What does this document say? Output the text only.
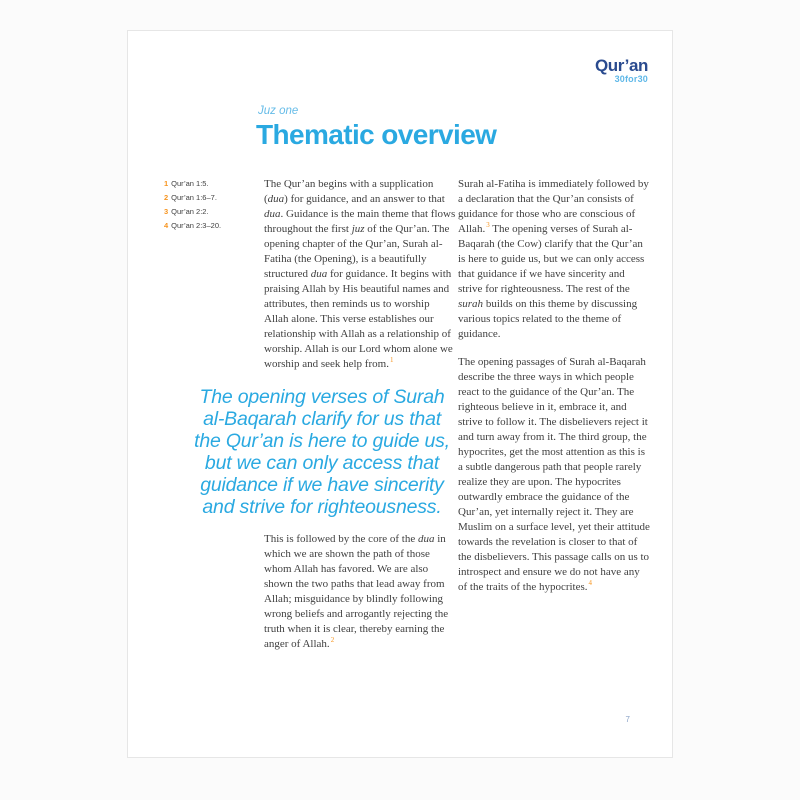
Qur’an
30for30
Juz one
Thematic overview
1 Qur’an 1:5.
2 Qur’an 1:6–7.
3 Qur’an 2:2.
4 Qur’an 2:3–20.

The Qur’an begins with a supplication (dua) for guidance, and an answer to that dua. Guidance is the main theme that flows throughout the first juz of the Qur’an. The opening chapter of the Qur’an, Surah al-Fatiha (the Opening), is a beautifully structured dua for guidance. It begins with praising Allah by His beautiful names and attributes, then reminds us to worship Allah alone. This verse establishes our relationship with Allah as a relationship of worship. Allah is our Lord whom alone we worship and seek help from.$^1$

The opening verses of Surah
al-Baqarah clarify for us that
the Qur’an is here to guide us,
but we can only access that
guidance if we have sincerity
and strive for righteousness.

This is followed by the core of the dua in which we are shown the path of those whom Allah has favored. We are also shown the two paths that lead away from Allah; misguidance by blindly following wrong beliefs and arrogantly rejecting the truth when it is clear, thereby earning the anger of Allah.$^2$

Surah al-Fatiha is immediately followed by a declaration that the Qur’an consists of guidance for those who are conscious of Allah.$^3$ The opening verses of Surah al-Baqarah (the Cow) clarify that the Qur’an is here to guide us, but we can only access that guidance if we have sincerity and strive for righteousness. The rest of the surah builds on this theme by discussing various topics related to the theme of guidance.

The opening passages of Surah al-Baqarah describe the three ways in which people react to the guidance of the Qur’an. The righteous believe in it, embrace it, and strive to follow it. The disbelievers reject it and turn away from it. The third group, the hypocrites, get the most attention as this is a subtle dangerous path that people rarely realize they are upon. The hypocrites outwardly embrace the guidance of the Qur’an, yet internally reject it. They are Muslim on a surface level, yet their attitude towards the revelation is closer to that of the disbelievers. This passage calls on us to introspect and ensure we do not have any of the traits of the hypocrites.$^4$

7
